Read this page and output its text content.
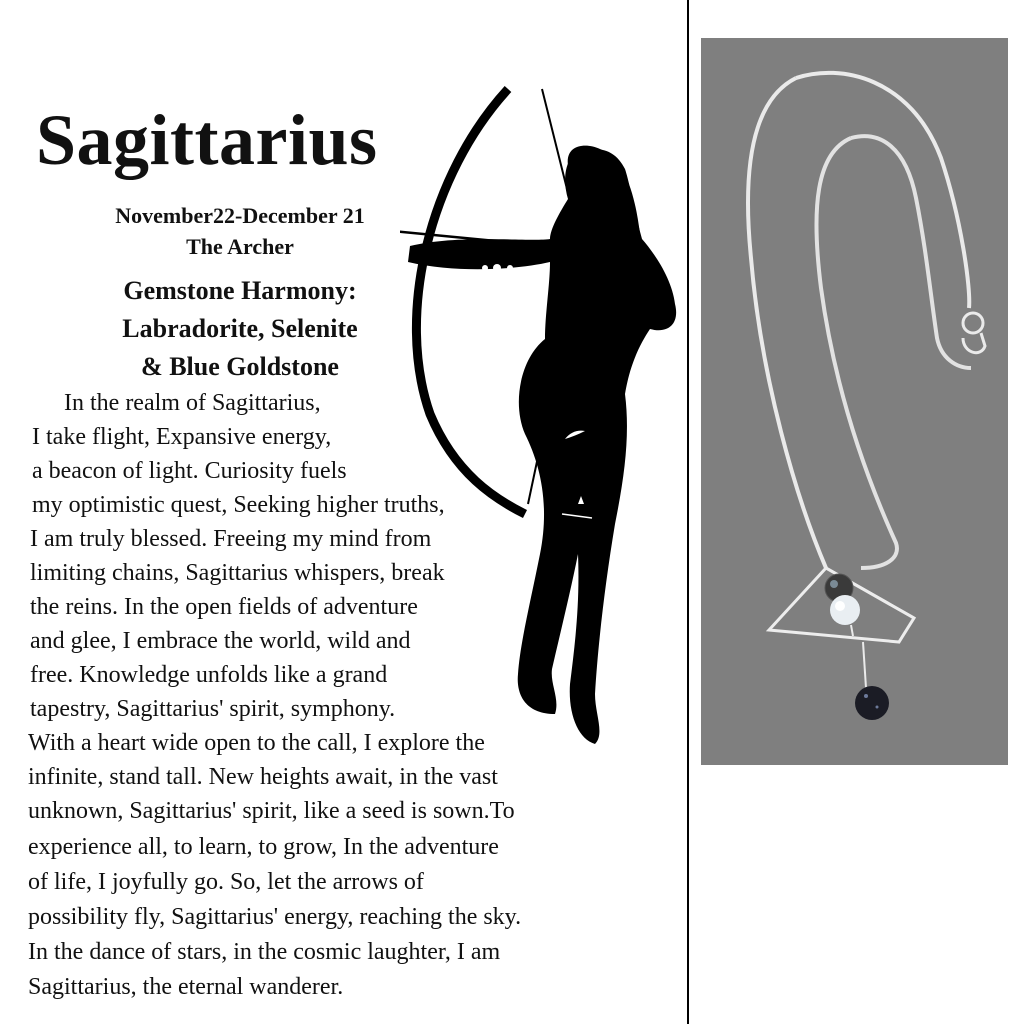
Sagittarius
November22-December 21
The Archer
Gemstone Harmony:
Labradorite, Selenite
& Blue Goldstone
In the realm of Sagittarius,
I take flight, Expansive energy,
a beacon of light. Curiosity fuels
my optimistic quest, Seeking higher truths,
I am truly blessed. Freeing my mind from
limiting chains, Sagittarius whispers, break
the reins. In the open fields of adventure
and glee, I embrace the world, wild and
free. Knowledge unfolds like a grand
tapestry, Sagittarius' spirit, symphony.
With a heart wide open to the call, I explore the
infinite, stand tall. New heights await, in the vast
unknown, Sagittarius' spirit, like a seed is sown.To
experience all, to learn, to grow, In the adventure
of life, I joyfully go. So, let the arrows of
possibility fly, Sagittarius' energy, reaching the sky.
In the dance of stars, in the cosmic laughter, I am
Sagittarius, the eternal wanderer.
